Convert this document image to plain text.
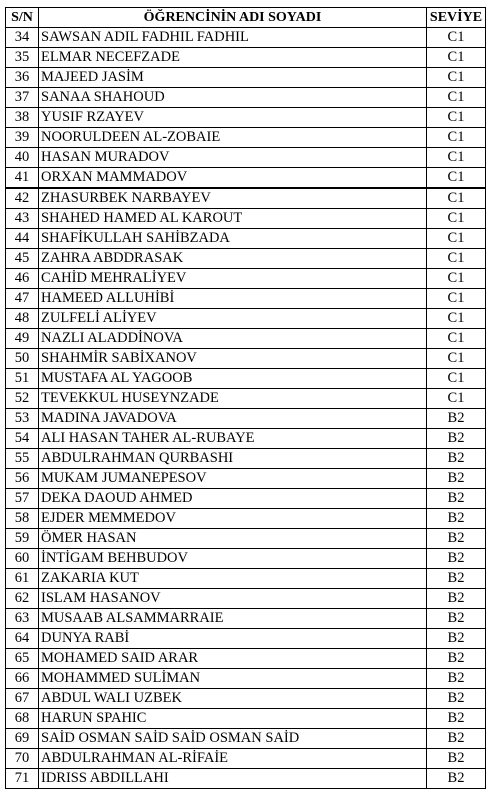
S/N	ÖĞRENCİNİN ADI SOYADI	SEVİYE
34	SAWSAN ADIL FADHIL FADHIL	C1
35	ELMAR NECEFZADE	C1
36	MAJEED JASİM	C1
37	SANAA SHAHOUD	C1
38	YUSIF RZAYEV	C1
39	NOORULDEEN AL-ZOBAIE	C1
40	HASAN MURADOV	C1
41	ORXAN MAMMADOV	C1
42	ZHASURBEK NARBAYEV	C1
43	SHAHED HAMED AL KAROUT	C1
44	SHAFİKULLAH SAHİBZADA	C1
45	ZAHRA ABDDRASAK	C1
46	CAHİD MEHRALİYEV	C1
47	HAMEED ALLUHİBİ	C1
48	ZULFELİ ALİYEV	C1
49	NAZLI ALADDİNOVA	C1
50	SHAHMİR SABİXANOV	C1
51	MUSTAFA AL YAGOOB	C1
52	TEVEKKUL HUSEYNZADE	C1
53	MADINA JAVADOVA	B2
54	ALI HASAN TAHER AL-RUBAYE	B2
55	ABDULRAHMAN QURBASHI	B2
56	MUKAM JUMANEPESOV	B2
57	DEKA DAOUD AHMED	B2
58	EJDER MEMMEDOV	B2
59	ÖMER HASAN	B2
60	İNTİGAM BEHBUDOV	B2
61	ZAKARIA KUT	B2
62	ISLAM HASANOV	B2
63	MUSAAB ALSAMMARRAIE	B2
64	DUNYA RABİ	B2
65	MOHAMED SAID ARAR	B2
66	MOHAMMED SULİMAN	B2
67	ABDUL WALI UZBEK	B2
68	HARUN SPAHIC	B2
69	SAİD OSMAN SAİD SAİD OSMAN SAİD	B2
70	ABDULRAHMAN AL-RİFAİE	B2
71	IDRISS ABDILLAHI	B2
